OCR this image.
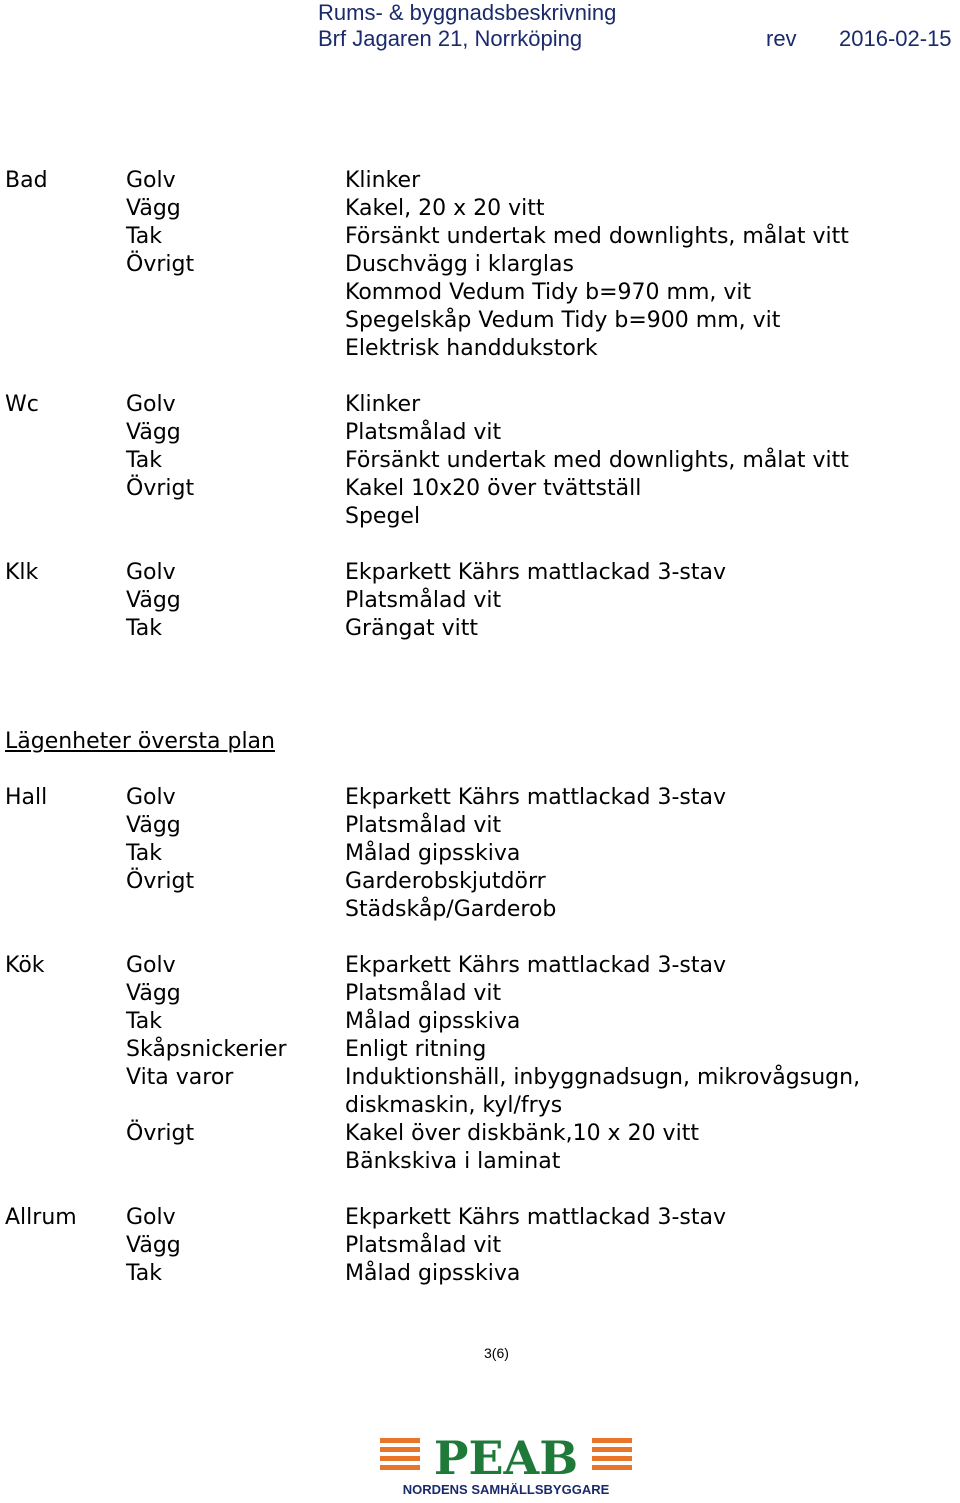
Rums- & byggnadsbeskrivning
Brf Jagaren 21, Norrköping	rev 2016-02-15
Bad	Golv	Klinker
Vägg	Kakel, 20 x 20 vitt
Tak	Försänkt undertak med downlights, målat vitt
Övrigt	Duschvägg i klarglas
Kommod Vedum Tidy b=970 mm, vit
Spegelskåp Vedum Tidy b=900 mm, vit
Elektrisk handdukstork
Wc	Golv	Klinker
Vägg	Platsmålad vit
Tak	Försänkt undertak med downlights, målat vitt
Övrigt	Kakel 10x20 över tvättställ
Spegel
Klk	Golv	Ekparkett Kährs mattlackad 3-stav
Vägg	Platsmålad vit
Tak	Grängat vitt
Lägenheter översta plan
Hall	Golv	Ekparkett Kährs mattlackad 3-stav
Vägg	Platsmålad vit
Tak	Målad gipsskiva
Övrigt	Garderobskjutdörr
Städskåp/Garderob
Kök	Golv	Ekparkett Kährs mattlackad 3-stav
Vägg	Platsmålad vit
Tak	Målad gipsskiva
Skåpsnickerier	Enligt ritning
Vita varor	Induktionshäll, inbyggnadsugn, mikrovågsugn,
diskmaskin, kyl/frys
Övrigt	Kakel över diskbänk,10 x 20 vitt
Bänkskiva i laminat
Allrum Golv	Ekparkett Kährs mattlackad 3-stav
Vägg	Platsmålad vit
Tak	Målad gipsskiva
3(6)
PEAB
NORDENS SAMHÄLLSBYGGARE
